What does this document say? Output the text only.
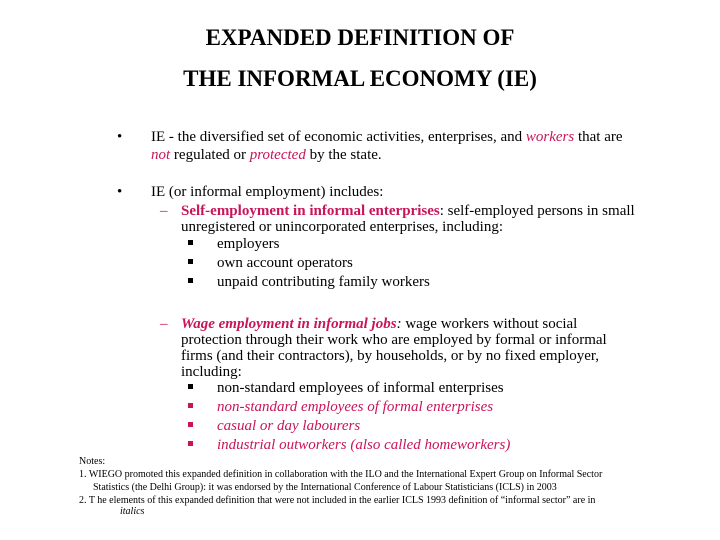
EXPANDED DEFINITION OF
THE INFORMAL ECONOMY (IE)
• IE - the diversified set of economic activities, enterprises, and workers that are
not regulated or protected by the state.
• IE (or informal employment) includes:
– Self-employment in informal enterprises: self-employed persons in small
unregistered or unincorporated enterprises, including:
employers
own account operators
unpaid contributing family workers
– Wage employment in informal jobs: wage workers without social
protection through their work who are employed by formal or informal
firms (and their contractors), by households, or by no fixed employer,
including:
non-standard employees of informal enterprises
non-standard employees of formal enterprises
casual or day labourers
industrial outworkers (also called homeworkers)
Notes:
1. WIEGO promoted this expanded definition in collaboration with the ILO and the International Expert Group on Informal Sector
Statistics (the Delhi Group): it was endorsed by the International Conference of Labour Statisticians (ICLS) in 2003
2. T he elements of this expanded definition that were not included in the earlier ICLS 1993 definition of “informal sector” are in
italics
